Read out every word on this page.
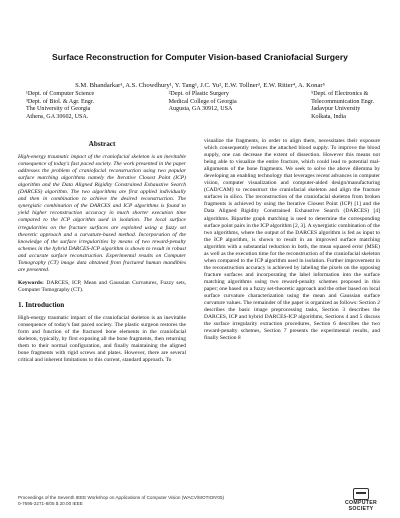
Surface Reconstruction for Computer Vision-based Craniofacial Surgery
S.M. Bhandarkar¹, A.S. Chowdhury¹, Y. Tang¹, J.C. Yu², E.W. Tollner³, E.W. Ritter⁴, A. Konar⁵
¹Dept. of Computer Science
³Dept. of Biol. & Agr. Engr.
The University of Georgia
Athens, GA 30602, USA.
²Dept. of Plastic Surgery
Medical College of Georgia
Augusta, GA 30912, USA
⁵Dept. of Electronics &
Telecommunication Engr.
Jadavpur University
Kolkata, India
Abstract

High-energy traumatic impact of the craniofacial skeleton is an inevitable consequence of today's fast paced society. The work presented in the paper addresses the problem of craniofacial reconstruction using two popular surface matching algorithms namely the Iterative Closest Point (ICP) algorithm and the Data Aligned Rigidity Constrained Exhaustive Search (DARCES) algorithm. The two algorithms are first applied individually and then in combination to achieve the desired reconstruction. The synergistic combination of the DARCES and ICP algorithms is found to yield higher reconstruction accuracy in much shorter execution time compared to the ICP algorithm used in isolation. The local surface irregularities on the fracture surfaces are exploited using a fuzzy set theoretic approach and a curvature-based method. Incorporation of the knowledge of the surface irregularities by means of two reward-penalty schemes in the hybrid DARCES-ICP algorithm is shown to result in robust and accurate surface reconstruction. Experimental results on Computer Tomography (CT) image data obtained from fractured human mandibles are presented.

Keywords: DARCES, ICP, Mean and Gaussian Curvatures, Fuzzy sets, Computer Tomography (CT).

1. Introduction

High-energy traumatic impact of the craniofacial skeleton is an inevitable consequence of today's fast paced society. The plastic surgeon restores the form and function of the fractured bone elements in the craniofacial skeleton, typically, by first exposing all the bone fragments, then returning them to their normal configuration, and finally maintaining the aligned bone fragments with rigid screws and plates. However, there are several critical and inherent limitations to this current, standard approach. To

visualize the fragments, in order to align them, necessitates their exposure which consequently reduces the attached blood supply. To improve the blood supply, one can decrease the extent of dissection. However this means not being able to visualize the entire fracture, which could lead to potential mal-alignments of the bone fragments. We seek to solve the above dilemma by developing an enabling technology that leverages recent advances in computer vision, computer visualization and computer-aided design/manufacturing (CAD/CAM) to reconstruct the craniofacial skeleton and align the fracture surfaces in silico. The reconstruction of the craniofacial skeleton from broken fragments is achieved by using the Iterative Closest Point (ICP) [1] and the Data Aligned Rigidity Constrained Exhaustive Search (DARCES) [4] algorithms. Bipartite graph matching is used to determine the corresponding surface point pairs in the ICP algorithm [2, 3]. A synergistic combination of the two algorithms, where the output of the DARCES algorithm is fed as input to the ICP algorithm, is shown to result in an improved surface matching algorithm with a substantial reduction in both, the mean squared error (MSE) as well as the execution time for the reconstruction of the craniofacial skeleton when compared to the ICP algorithm used in isolation. Further improvement in the reconstruction accuracy is achieved by labeling the pixels on the opposing fracture surfaces and incorporating the label information into the surface matching algorithms using two reward-penalty schemes proposed in this paper; one based on a fuzzy set-theoretic approach and the other based on local surface curvature characterization using the mean and Gaussian surface curvature values. The remainder of the paper is organized as follows: Section 2 describes the basic image preprocessing tasks, Section 3 describes the DARCES, ICP and hybrid DARCES-ICP algorithms, Sections 4 and 5 discuss the surface irregularity extraction procedures, Section 6 describes the two reward-penalty schemes, Section 7 presents the experimental results, and finally Section 8

Proceedings of the Seventh IEEE Workshop on Applications of Computer Vision (WACV/MOTION'05)
0-7695-2271-8/05 $ 20.00 IEEE	COMPUTER
SOCIETY
